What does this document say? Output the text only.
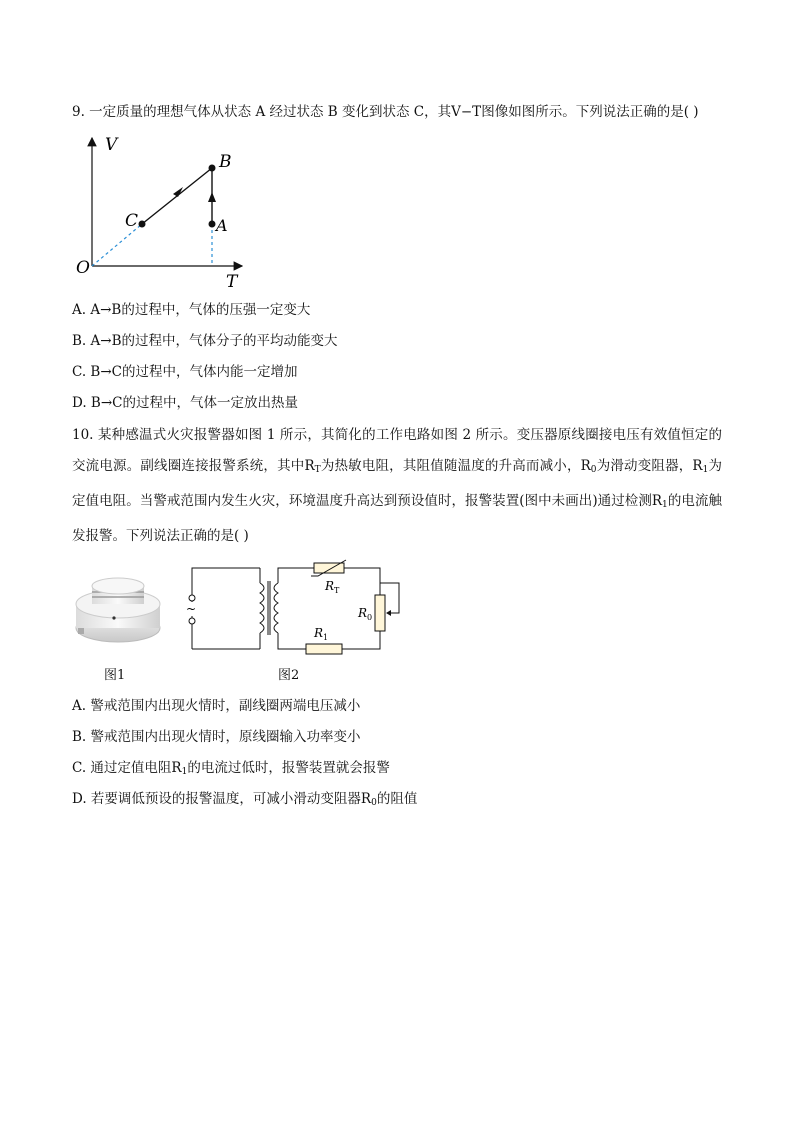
9. 一定质量的理想气体从状态 A 经过状态 B 变化到状态 C，其V−T图像如图所示。下列说法正确的是( )
V
T
O
B
A
C
A. A→B的过程中，气体的压强一定变大
B. A→B的过程中，气体分子的平均动能变大
C. B→C的过程中，气体内能一定增加
D. B→C的过程中，气体一定放出热量
10. 某种感温式火灾报警器如图 1 所示，其简化的工作电路如图 2 所示。变压器原线圈接电压有效值恒定的交流电源。副线圈连接报警系统，其中$R_T$为热敏电阻，其阻值随温度的升高而减小，$R_0$为滑动变阻器，$R_1$为定值电阻。当警戒范围内发生火灾，环境温度升高达到预设值时，报警装置(图中未画出)通过检测$R_1$的电流触发报警。下列说法正确的是( )
图1
~
$R_T$
$R_0$
$R_1$
图2
A. 警戒范围内出现火情时，副线圈两端电压减小
B. 警戒范围内出现火情时，原线圈输入功率变小
C. 通过定值电阻$R_1$的电流过低时，报警装置就会报警
D. 若要调低预设的报警温度，可减小滑动变阻器$R_0$的阻值
